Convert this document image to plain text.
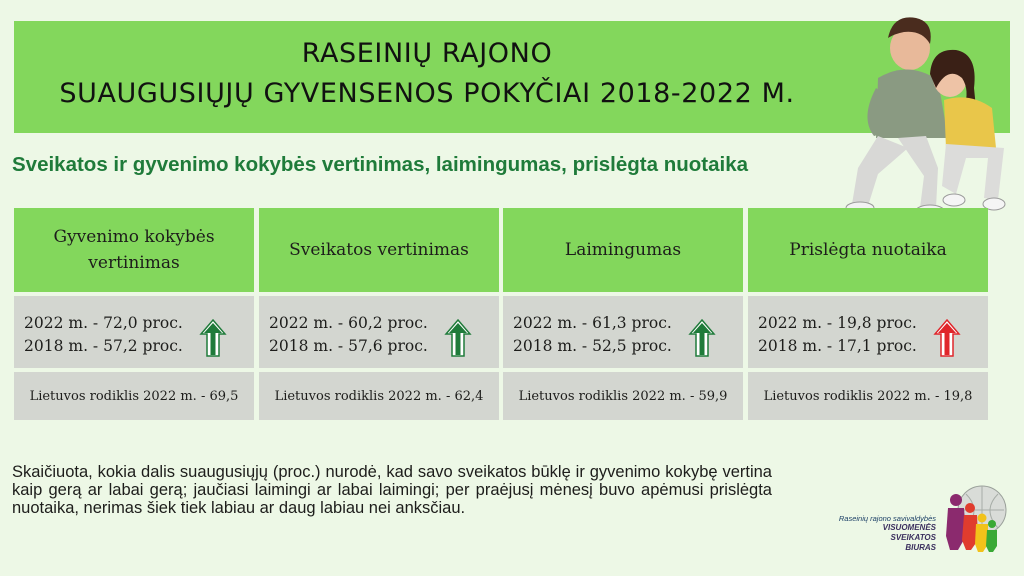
RASEINIŲ RAJONO
SUAUGUSIŲJŲ GYVENSENOS POKYČIAI 2018-2022 M.
Sveikatos ir gyvenimo kokybės vertinimas, laimingumas, prislėgta nuotaika
Gyvenimo kokybės vertinimas
2022 m. - 72,0 proc.
2018 m. - 57,2 proc.
Lietuvos rodiklis 2022 m. - 69,5
Sveikatos vertinimas
2022 m. - 60,2 proc.
2018 m. - 57,6 proc.
Lietuvos rodiklis 2022 m. - 62,4
Laimingumas
2022 m. - 61,3 proc.
2018 m. - 52,5 proc.
Lietuvos rodiklis 2022 m. - 59,9
Prislėgta nuotaika
2022 m. - 19,8 proc.
2018 m. - 17,1 proc.
Lietuvos rodiklis 2022 m. - 19,8
Skaičiuota, kokia dalis suaugusiųjų (proc.) nurodė, kad savo sveikatos būklę ir gyvenimo kokybę vertina kaip gerą ar labai gerą; jaučiasi laimingi ar labai laimingi; per praėjusį mėnesį buvo apėmusi prislėgta nuotaika, nerimas šiek tiek labiau ar daug labiau nei anksčiau.
Raseinių rajono savivaldybės
VISUOMENĖS
SVEIKATOS
BIURAS
